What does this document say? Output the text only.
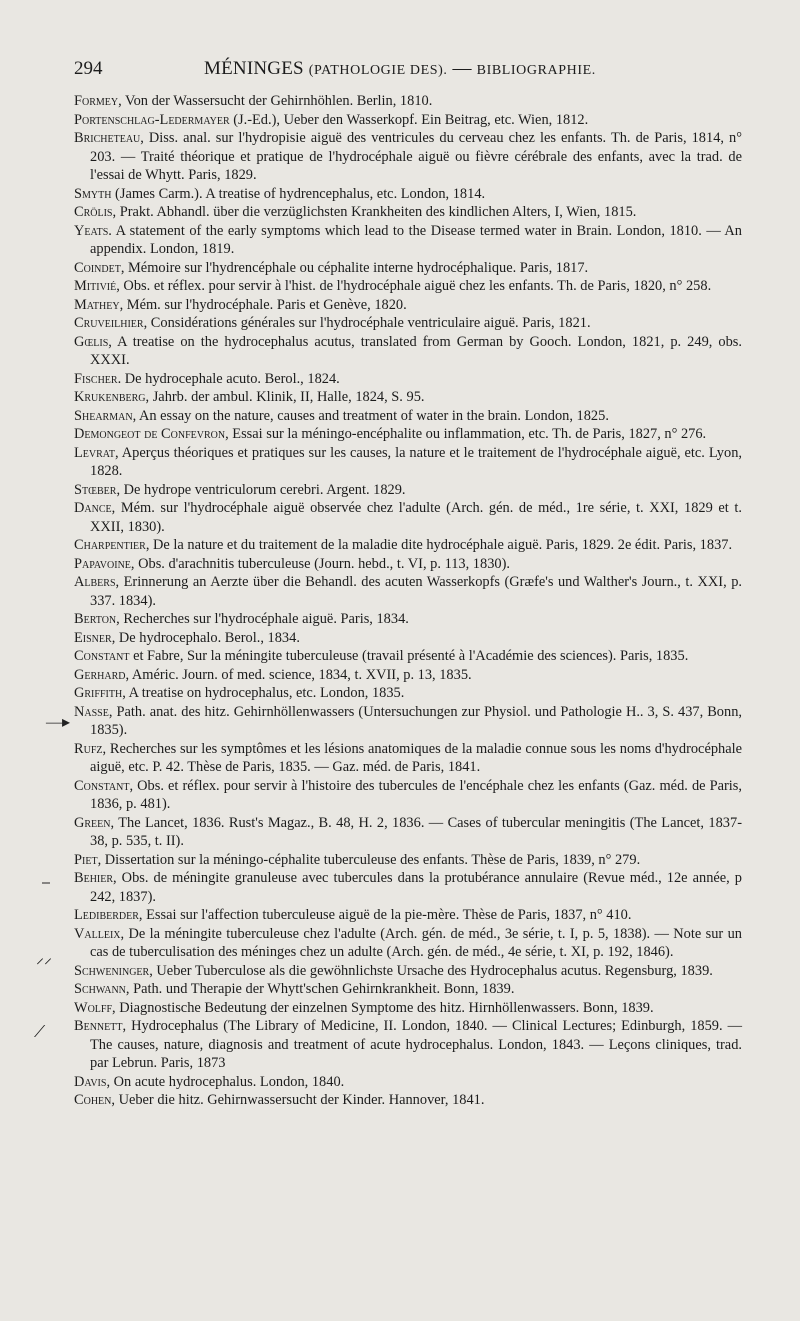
294	MÉNINGES (PATHOLOGIE DES). — BIBLIOGRAPHIE.
Formey, Von der Wassersucht der Gehirnhöhlen. Berlin, 1810.
Portenschlag-Ledermayer (J.-Ed.), Ueber den Wasserkopf. Ein Beitrag, etc. Wien, 1812.
Bricheteau, Diss. anal. sur l'hydropisie aiguë des ventricules du cerveau chez les enfants. Th. de Paris, 1814, n° 203. — Traité théorique et pratique de l'hydrocéphale aiguë ou fièvre cérébrale des enfants, avec la trad. de l'essai de Whytt. Paris, 1829.
Smyth (James Carm.). A treatise of hydrencephalus, etc. London, 1814.
Crölis, Prakt. Abhandl. über die verzüglichsten Krankheiten des kindlichen Alters, I, Wien, 1815.
Yeats. A statement of the early symptoms which lead to the Disease termed water in Brain. London, 1810. — An appendix. London, 1819.
Coindet, Mémoire sur l'hydrencéphale ou céphalite interne hydrocéphalique. Paris, 1817.
Mitivié, Obs. et réflex. pour servir à l'hist. de l'hydrocéphale aiguë chez les enfants. Th. de Paris, 1820, n° 258.
Mathey, Mém. sur l'hydrocéphale. Paris et Genève, 1820.
Cruveilhier, Considérations générales sur l'hydrocéphale ventriculaire aiguë. Paris, 1821.
Gœlis, A treatise on the hydrocephalus acutus, translated from German by Gooch. London, 1821, p. 249, obs. XXXI.
Fischer. De hydrocephale acuto. Berol., 1824.
Krukenberg, Jahrb. der ambul. Klinik, II, Halle, 1824, S. 95.
Shearman, An essay on the nature, causes and treatment of water in the brain. London, 1825.
Demongeot de Confevron, Essai sur la méningo-encéphalite ou inflammation, etc. Th. de Paris, 1827, n° 276.
Levrat, Aperçus théoriques et pratiques sur les causes, la nature et le traitement de l'hydrocéphale aiguë, etc. Lyon, 1828.
Stœber, De hydrope ventriculorum cerebri. Argent. 1829.
Dance, Mém. sur l'hydrocéphale aiguë observée chez l'adulte (Arch. gén. de méd., 1re série, t. XXI, 1829 et t. XXII, 1830).
Charpentier, De la nature et du traitement de la maladie dite hydrocéphale aiguë. Paris, 1829. 2e édit. Paris, 1837.
Papavoine, Obs. d'arachnitis tuberculeuse (Journ. hebd., t. VI, p. 113, 1830).
Albers, Erinnerung an Aerzte über die Behandl. des acuten Wasserkopfs (Græfe's und Walther's Journ., t. XXI, p. 337. 1834).
Berton, Recherches sur l'hydrocéphale aiguë. Paris, 1834.
Eisner, De hydrocephalo. Berol., 1834.
Constant et Fabre, Sur la méningite tuberculeuse (travail présenté à l'Académie des sciences). Paris, 1835.
Gerhard, Améric. Journ. of med. science, 1834, t. XVII, p. 13, 1835.
Griffith, A treatise on hydrocephalus, etc. London, 1835.
Nasse, Path. anat. des hitz. Gehirnhöllenwassers (Untersuchungen zur Physiol. und Pathologie H.. 3, S. 437, Bonn, 1835).
Rufz, Recherches sur les symptômes et les lésions anatomiques de la maladie connue sous les noms d'hydrocéphale aiguë, etc. P. 42. Thèse de Paris, 1835. — Gaz. méd. de Paris, 1841.
Constant, Obs. et réflex. pour servir à l'histoire des tubercules de l'encéphale chez les enfants (Gaz. méd. de Paris, 1836, p. 481).
Green, The Lancet, 1836. Rust's Magaz., B. 48, H. 2, 1836. — Cases of tubercular meningitis (The Lancet, 1837-38, p. 535, t. II).
Piet, Dissertation sur la méningo-céphalite tuberculeuse des enfants. Thèse de Paris, 1839, n° 279.
Behier, Obs. de méningite granuleuse avec tubercules dans la protubérance annulaire (Revue méd., 12e année, p 242, 1837).
Lediberder, Essai sur l'affection tuberculeuse aiguë de la pie-mère. Thèse de Paris, 1837, n° 410.
Valleix, De la méningite tuberculeuse chez l'adulte (Arch. gén. de méd., 3e série, t. I, p. 5, 1838). — Note sur un cas de tuberculisation des méninges chez un adulte (Arch. gén. de méd., 4e série, t. XI, p. 192, 1846).
Schweninger, Ueber Tuberculose als die gewöhnlichste Ursache des Hydrocephalus acutus. Regensburg, 1839.
Schwann, Path. und Therapie der Whytt'schen Gehirnkrankheit. Bonn, 1839.
Wolff, Diagnostische Bedeutung der einzelnen Symptome des hitz. Hirnhöllenwassers. Bonn, 1839.
Bennett, Hydrocephalus (The Library of Medicine, II. London, 1840. — Clinical Lectures; Edinburgh, 1859. — The causes, nature, diagnosis and treatment of acute hydrocephalus. London, 1843. — Leçons cliniques, trad. par Lebrun. Paris, 1873
Davis, On acute hydrocephalus. London, 1840.
Cohen, Ueber die hitz. Gehirnwassersucht der Kinder. Hannover, 1841.
—▸
⎯
⸝⸝
⟋
